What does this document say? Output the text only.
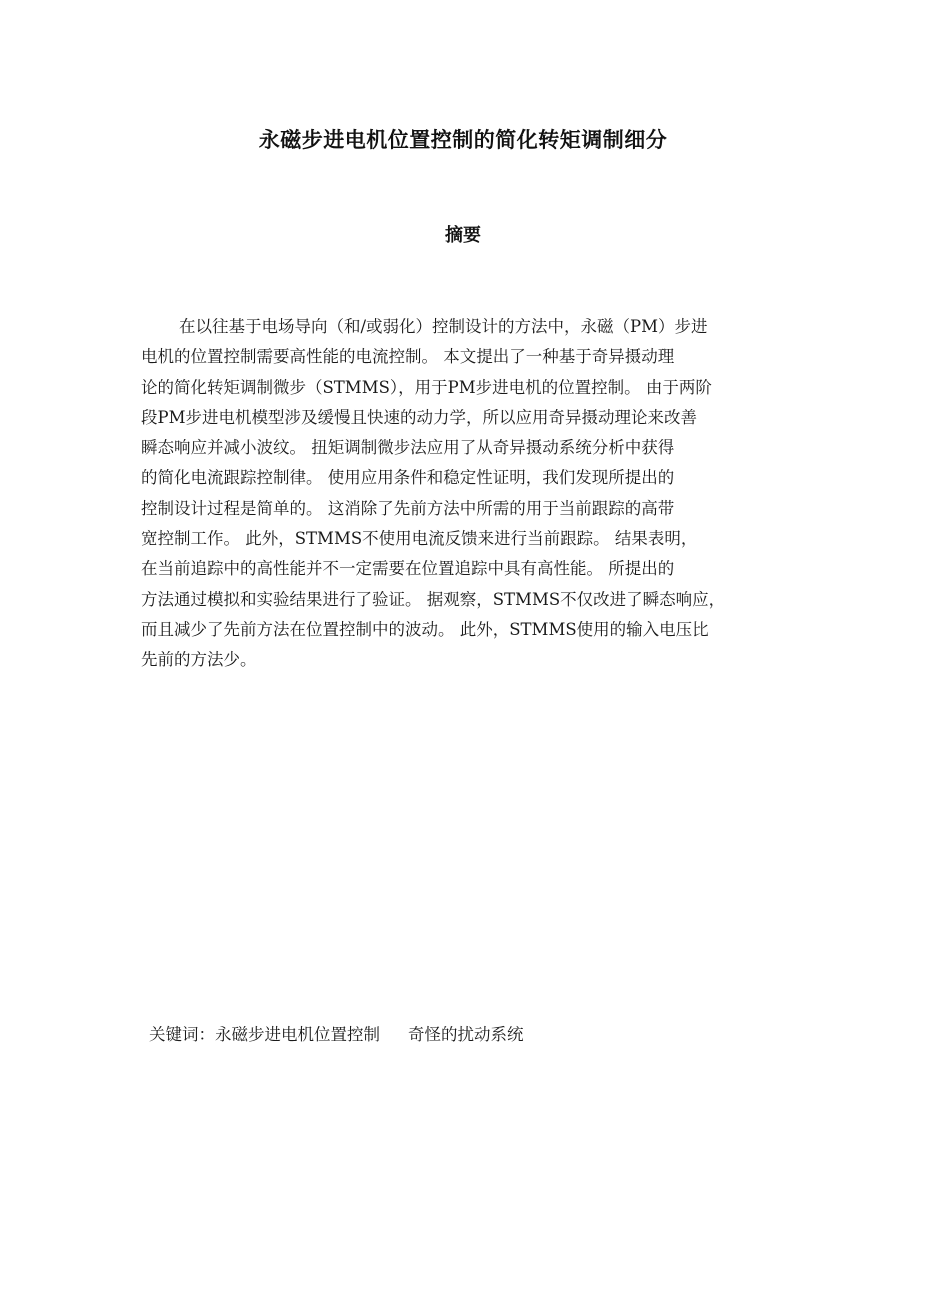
永磁步进电机位置控制的简化转矩调制细分
摘要
在以往基于电场导向（和/或弱化）控制设计的方法中，永磁（PM）步进
电机的位置控制需要高性能的电流控制。 本文提出了一种基于奇异摄动理
论的简化转矩调制微步（STMMS），用于PM步进电机的位置控制。 由于两阶
段PM步进电机模型涉及缓慢且快速的动力学，所以应用奇异摄动理论来改善
瞬态响应并减小波纹。 扭矩调制微步法应用了从奇异摄动系统分析中获得
的简化电流跟踪控制律。 使用应用条件和稳定性证明，我们发现所提出的
控制设计过程是简单的。 这消除了先前方法中所需的用于当前跟踪的高带
宽控制工作。 此外，STMMS不使用电流反馈来进行当前跟踪。 结果表明，
在当前追踪中的高性能并不一定需要在位置追踪中具有高性能。 所提出的
方法通过模拟和实验结果进行了验证。 据观察，STMMS不仅改进了瞬态响应，
而且减少了先前方法在位置控制中的波动。 此外，STMMS使用的输入电压比
先前的方法少。
关键词：永磁步进电机位置控制 奇怪的扰动系统
